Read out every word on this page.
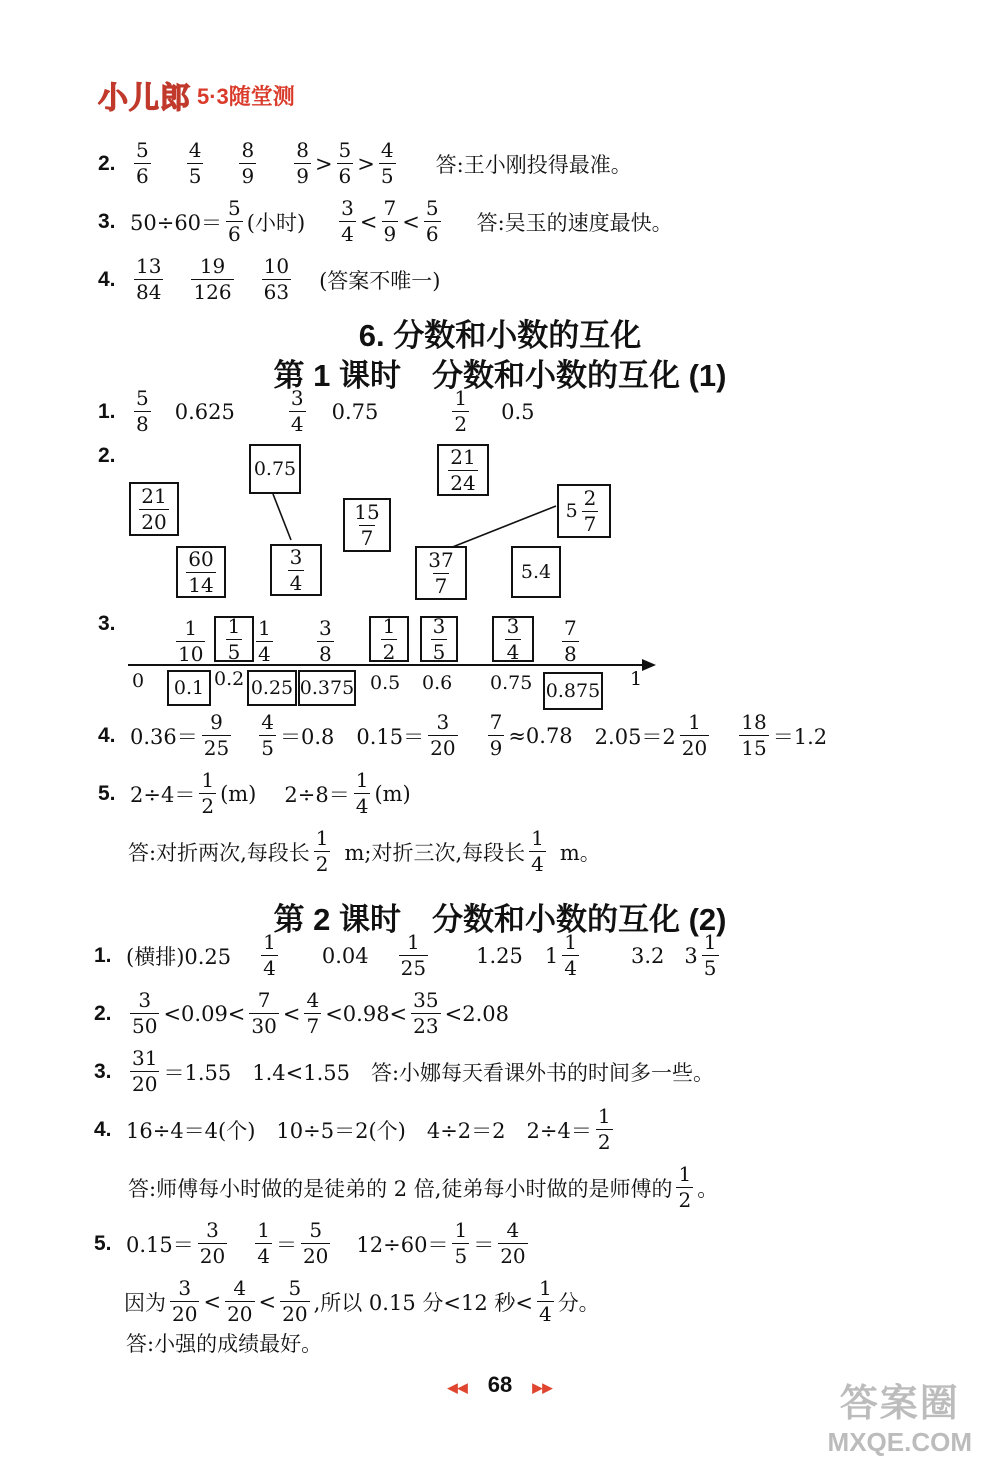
小儿郎 5·3随堂测
2. $\frac{5}{6} \frac{4}{5} \frac{8}{9} \frac{8}{9} > \frac{5}{6} > \frac{4}{5}$ 答:王小刚投得最准。
3. $50\div 60= \frac{5}{6}$ (小时) $\frac{3}{4} < \frac{7}{9} < \frac{5}{6}$ 答:吴玉的速度最快。
4. $\frac{13}{84} \frac{19}{126} \frac{10}{63}$ (答案不唯一)
6. 分数和小数的互化
第 1 课时　分数和小数的互化 (1)
1. $\frac{5}{8} 0.625$	$\frac{3}{4} 0.75$	$\frac{1}{2} 0.5$
2.
0.75	$\frac{21}{24}$
$\frac{21}{20}$	$\frac{15}{7}$	$5 \frac{2}{7}$
$\frac{60}{14}$	$\frac{3}{4}$	$\frac{37}{7}$	5.4
3.	$\frac{1}{10} \frac{1}{5} \frac{1}{4} \frac{3}{8} \frac{1}{2} \frac{3}{5}$	$\frac{3}{4} \frac{7}{8}$
0 0.1 0.2 0.25 0.375 0.5 0.6 0.75 0.875
1
4. $0.36= \frac{9}{25} \frac{4}{5} =0.8$ $0.15= \frac{3}{20} \frac{7}{9} \approx 0.78$ $2.05=2 \frac{1}{20} \frac{18}{15} =1.2$
5. $2\div 4= \frac{1}{2} (m)$ $2\div 8= \frac{1}{4} (m)$
答:对折两次,每段长 $\frac{1}{2} m$;对折三次,每段长 $\frac{1}{4}$ m。
第 2 课时　分数和小数的互化 (2)
1. (横排)$0.25 \frac{1}{4} 0.04 \frac{1}{25} 1.25$ $1 \frac{1}{4} 3.2$ $3 \frac{1}{5}$
2. $\frac{3}{50} <0.09< \frac{7}{30} < \frac{4}{7} <0.98< \frac{35}{23} <2.08$
3. $\frac{31}{20} =1.55$　1.4<1.55　答:小娜每天看课外书的时间多一些。
4. 16÷4＝4(个)　10÷5＝2(个)　4÷2＝2　$2\div 4= \frac{1}{2}$
答:师傅每小时做的是徒弟的 2 倍,徒弟每小时做的是师傅的 $\frac{1}{2}$ 。
5. $0.15= \frac{3}{20} \frac{1}{4} = \frac{5}{20} 12\div 60= \frac{1}{5} = \frac{4}{20}$
因为 $\frac{3}{20} < \frac{4}{20} < \frac{5}{20}$ ,所以 0.15 分<12 秒< $\frac{1}{4}$ 分。
答:小强的成绩最好。
◀◀ 68 ▶▶	答案圈
MXQE.COM
